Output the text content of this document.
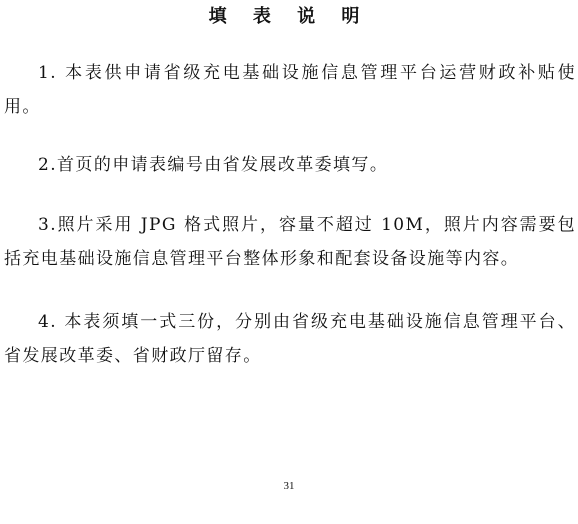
填 表 说 明

1. 本表供申请省级充电基础设施信息管理平台运营财政补贴使用。

2.首页的申请表编号由省发展改革委填写。

3.照片采用 JPG 格式照片，容量不超过 10M，照片内容需要包括充电基础设施信息管理平台整体形象和配套设备设施等内容。

4. 本表须填一式三份，分别由省级充电基础设施信息管理平台、省发展改革委、省财政厅留存。

31
